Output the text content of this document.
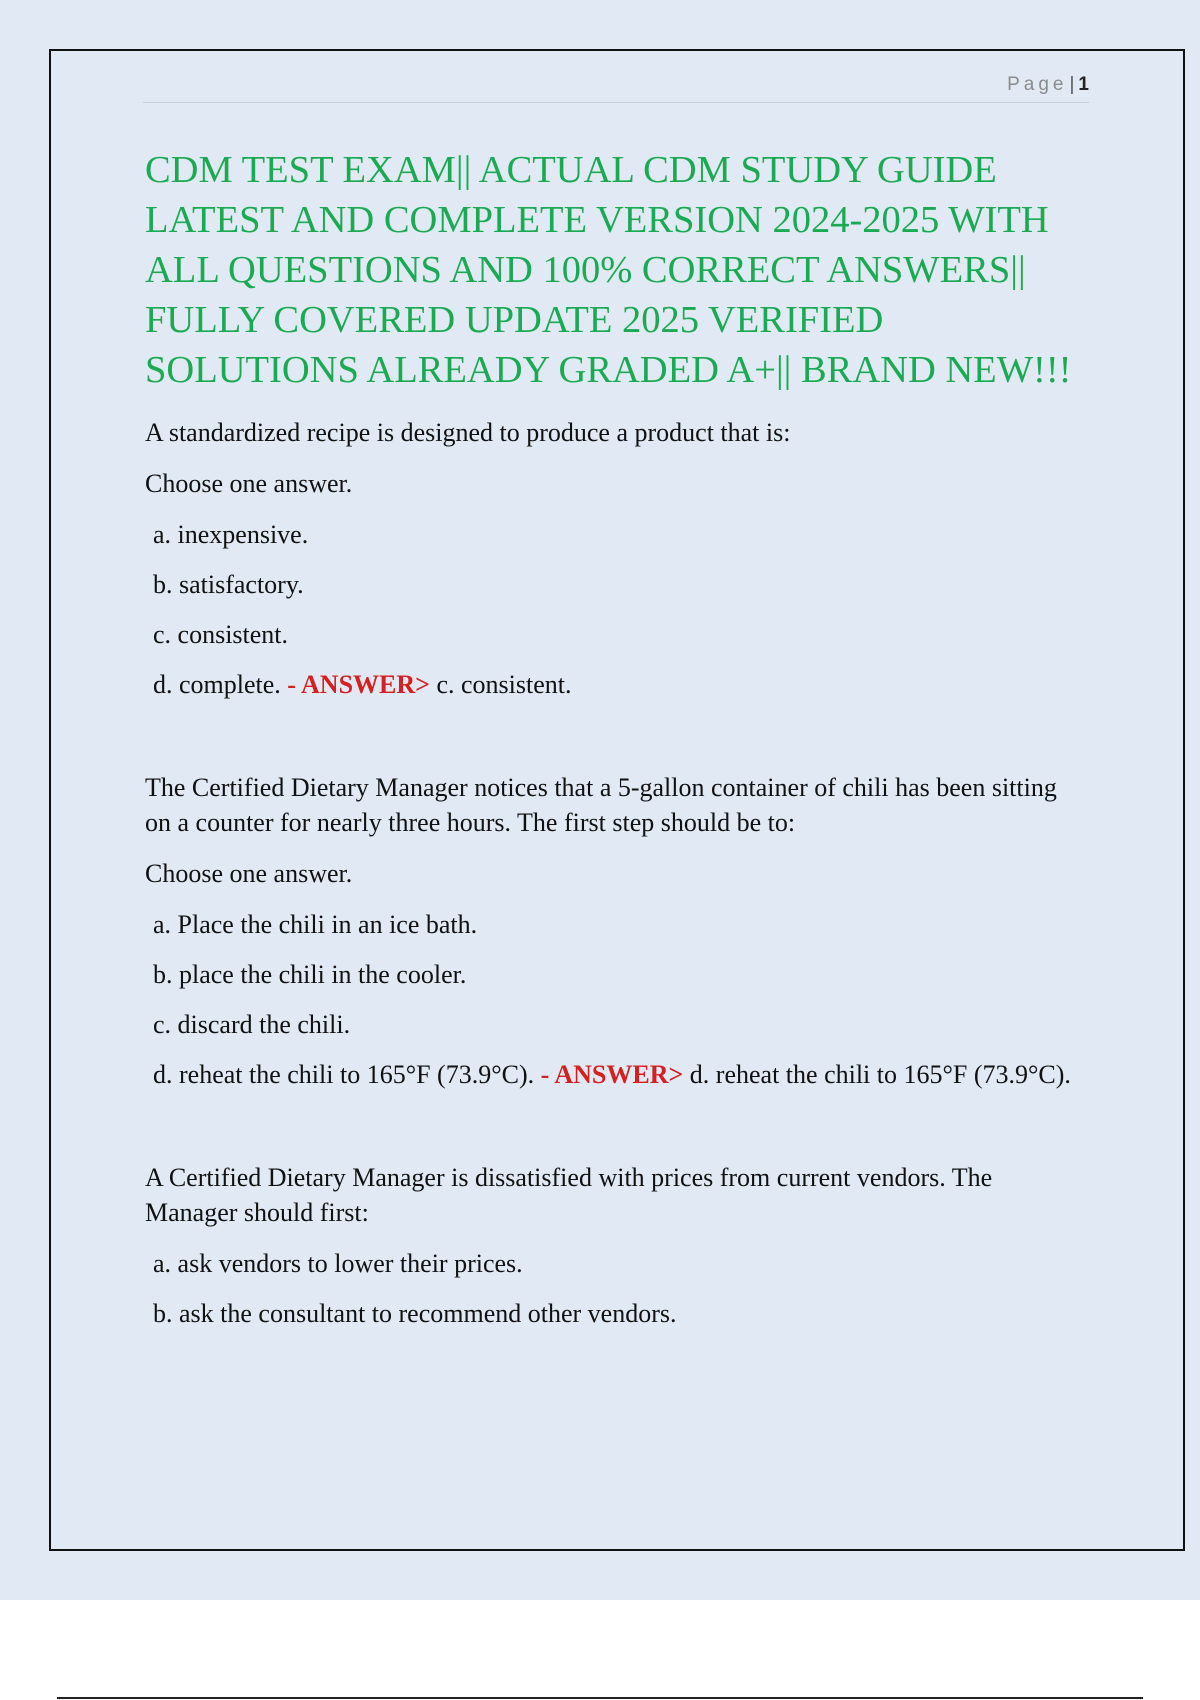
Page | 1
CDM TEST EXAM|| ACTUAL CDM STUDY GUIDE LATEST AND COMPLETE VERSION 2024-2025 WITH ALL QUESTIONS AND 100% CORRECT ANSWERS|| FULLY COVERED UPDATE 2025 VERIFIED SOLUTIONS ALREADY GRADED A+|| BRAND NEW!!!

A standardized recipe is designed to produce a product that is:

Choose one answer.

a. inexpensive.

b. satisfactory.

c. consistent.

d. complete. - ANSWER> c. consistent.

The Certified Dietary Manager notices that a 5-gallon container of chili has been sitting on a counter for nearly three hours. The first step should be to:

Choose one answer.

a. Place the chili in an ice bath.

b. place the chili in the cooler.

c. discard the chili.

d. reheat the chili to 165°F (73.9°C). - ANSWER> d. reheat the chili to 165°F (73.9°C).

A Certified Dietary Manager is dissatisfied with prices from current vendors. The Manager should first:

a. ask vendors to lower their prices.

b. ask the consultant to recommend other vendors.
